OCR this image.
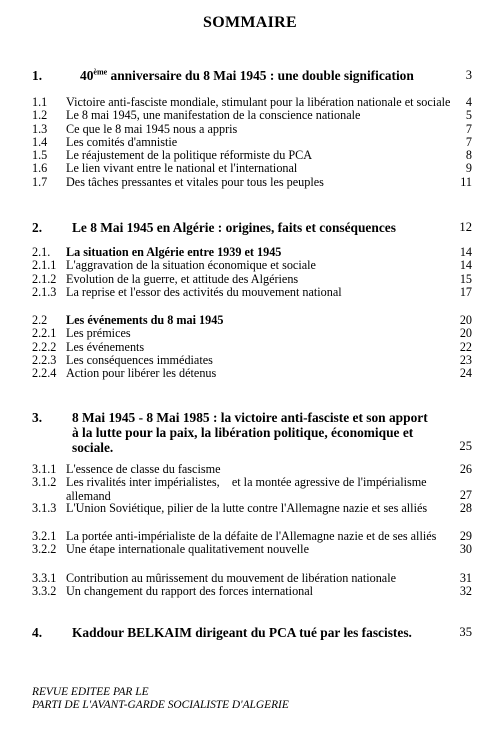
SOMMAIRE
1.	40ème anniversaire du 8 Mai 1945 : une double signification	3
1.1 Victoire anti-fasciste mondiale, stimulant pour la libération nationale et sociale 4
1.2 Le 8 mai 1945, une manifestation de la conscience nationale	5
1.3 Ce que le 8 mai 1945 nous a appris	7
1.4 Les comités d'amnistie	7
1.5 Le réajustement de la politique réformiste du PCA	8
1.6 Le lien vivant entre le national et l'international	9
1.7 Des tâches pressantes et vitales pour tous les peuples	11
2. Le 8 Mai 1945 en Algérie : origines, faits et conséquences	12
2.1. La situation en Algérie entre 1939 et 1945	14
2.1.1 L'aggravation de la situation économique et sociale	14
2.1.2 Evolution de la guerre, et attitude des Algériens	15
2.1.3 La reprise et l'essor des activités du mouvement national	17
2.2 Les événements du 8 mai 1945	20
2.2.1 Les prémices	20
2.2.2 Les événements	22
2.2.3 Les conséquences immédiates	23
2.2.4 Action pour libérer les détenus	24
3. 8 Mai 1945 - 8 Mai 1985 : la victoire anti-fasciste et son apport
à la lutte pour la paix, la libération politique, économique et
sociale.	25
3.1.1 L'essence de classe du fascisme	26
3.1.2 Les rivalités inter impérialistes,    et la montée agressive de l'impérialisme
allemand	27
3.1.3 L'Union Soviétique, pilier de la lutte contre l'Allemagne nazie et ses alliés	28
3.2.1 La portée anti-impérialiste de la défaite de l'Allemagne nazie et de ses alliés 29
3.2.2 Une étape internationale qualitativement nouvelle	30
3.3.1 Contribution au mûrissement du mouvement de libération nationale	31
3.3.2 Un changement du rapport des forces international	32
4. Kaddour BELKAIM dirigeant du PCA tué par les fascistes.	35
REVUE EDITEE PAR LE
PARTI DE L'AVANT-GARDE SOCIALISTE D'ALGERIE
